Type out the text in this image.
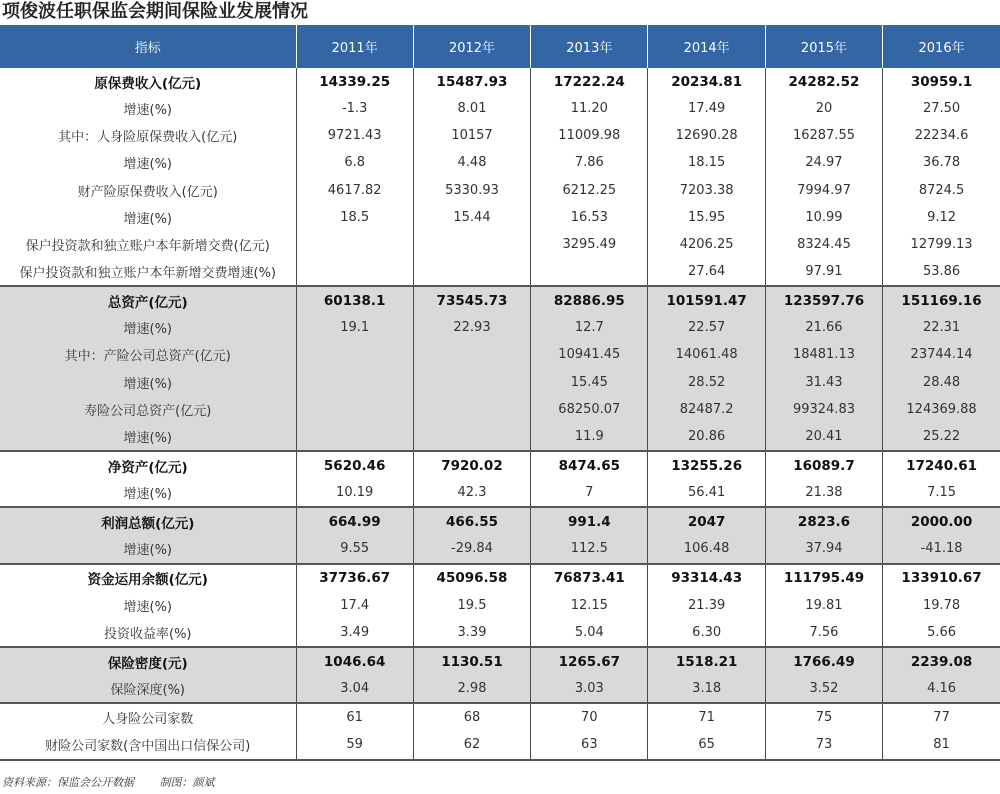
项俊波任职保监会期间保险业发展情况
指标	2011年	2012年	2013年	2014年	2015年	2016年
原保费收入(亿元)	14339.25	15487.93	17222.24	20234.81	24282.52	30959.1
增速(%)	-1.3	8.01	11.20	17.49	20	27.50
其中：人身险原保费收入(亿元)	9721.43	10157	11009.98	12690.28	16287.55	22234.6
增速(%)	6.8	4.48	7.86	18.15	24.97	36.78
财产险原保费收入(亿元)	4617.82	5330.93	6212.25	7203.38	7994.97	8724.5
增速(%)	18.5	15.44	16.53	15.95	10.99	9.12
保户投资款和独立账户本年新增交费(亿元)			3295.49	4206.25	8324.45	12799.13
保户投资款和独立账户本年新增交费增速(%)				27.64	97.91	53.86
总资产(亿元)	60138.1	73545.73	82886.95	101591.47	123597.76	151169.16
增速(%)	19.1	22.93	12.7	22.57	21.66	22.31
其中：产险公司总资产(亿元)			10941.45	14061.48	18481.13	23744.14
增速(%)			15.45	28.52	31.43	28.48
寿险公司总资产(亿元)			68250.07	82487.2	99324.83	124369.88
增速(%)			11.9	20.86	20.41	25.22
净资产(亿元)	5620.46	7920.02	8474.65	13255.26	16089.7	17240.61
增速(%)	10.19	42.3	7	56.41	21.38	7.15
利润总额(亿元)	664.99	466.55	991.4	2047	2823.6	2000.00
增速(%)	9.55	-29.84	112.5	106.48	37.94	-41.18
资金运用余额(亿元)	37736.67	45096.58	76873.41	93314.43	111795.49	133910.67
增速(%)	17.4	19.5	12.15	21.39	19.81	19.78
投资收益率(%)	3.49	3.39	5.04	6.30	7.56	5.66
保险密度(元)	1046.64	1130.51	1265.67	1518.21	1766.49	2239.08
保险深度(%)	3.04	2.98	3.03	3.18	3.52	4.16
人身险公司家数	61	68	70	71	75	77
财险公司家数(含中国出口信保公司)	59	62	63	65	73	81
资料来源：保监会公开数据 制图：颜斌
